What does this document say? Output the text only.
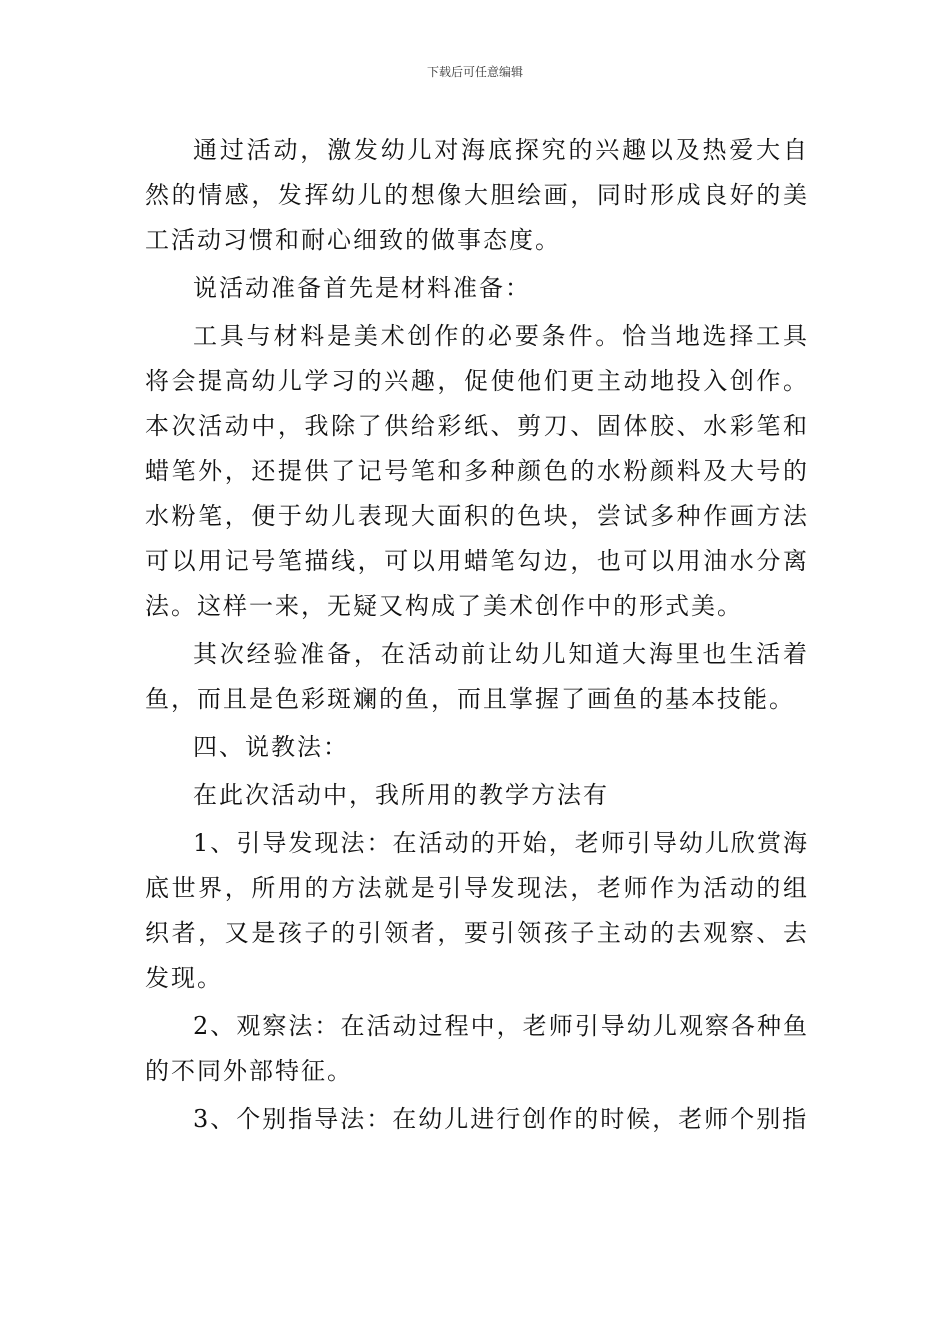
下载后可任意编辑

通过活动，激发幼儿对海底探究的兴趣以及热爱大自然的情感，发挥幼儿的想像大胆绘画，同时形成良好的美工活动习惯和耐心细致的做事态度。

说活动准备首先是材料准备：

工具与材料是美术创作的必要条件。恰当地选择工具将会提高幼儿学习的兴趣，促使他们更主动地投入创作。本次活动中，我除了供给彩纸、剪刀、固体胶、水彩笔和蜡笔外，还提供了记号笔和多种颜色的水粉颜料及大号的水粉笔，便于幼儿表现大面积的色块，尝试多种作画方法可以用记号笔描线，可以用蜡笔勾边，也可以用油水分离法。这样一来，无疑又构成了美术创作中的形式美。

其次经验准备，在活动前让幼儿知道大海里也生活着鱼，而且是色彩斑斓的鱼，而且掌握了画鱼的基本技能。

四、说教法：

在此次活动中，我所用的教学方法有

1、引导发现法：在活动的开始，老师引导幼儿欣赏海底世界，所用的方法就是引导发现法，老师作为活动的组织者，又是孩子的引领者，要引领孩子主动的去观察、去发现。

2、观察法：在活动过程中，老师引导幼儿观察各种鱼的不同外部特征。

3、个别指导法：在幼儿进行创作的时候，老师个别指
